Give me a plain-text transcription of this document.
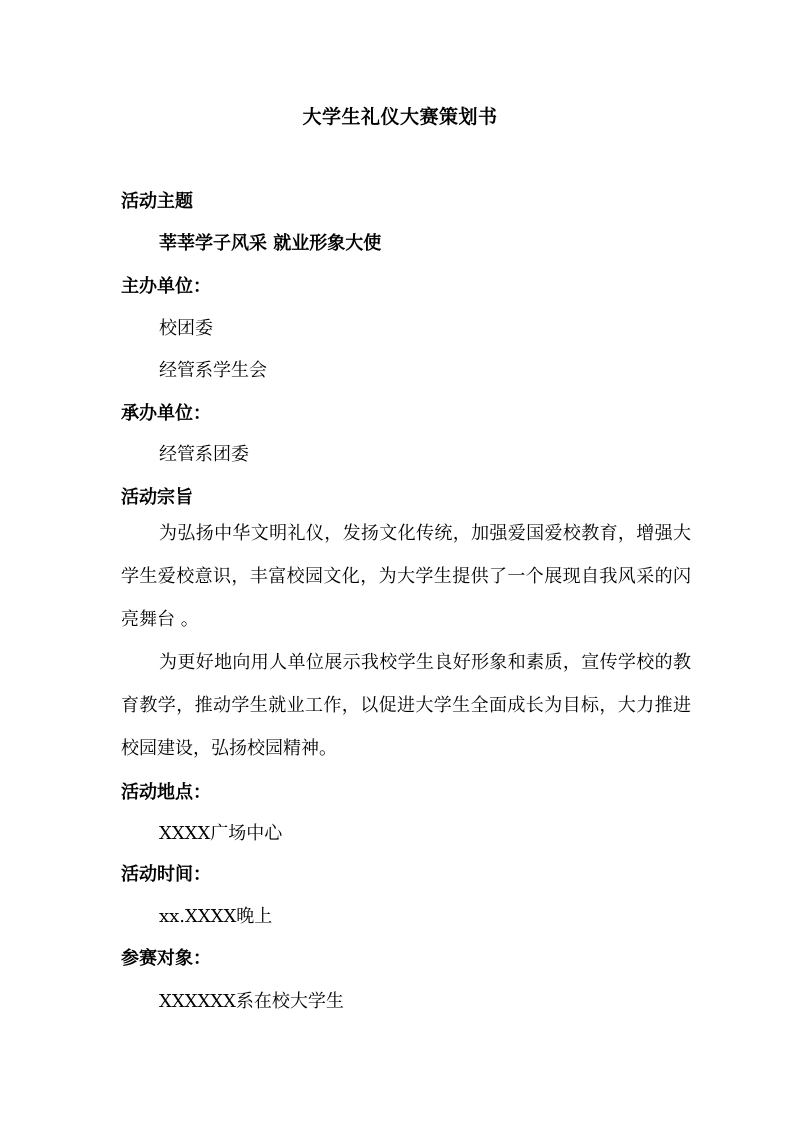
大学生礼仪大赛策划书
活动主题
莘莘学子风采 就业形象大使
主办单位：
校团委
经管系学生会
承办单位：
经管系团委
活动宗旨
为弘扬中华文明礼仪，发扬文化传统，加强爱国爱校教育，增强大学生爱校意识，丰富校园文化，为大学生提供了一个展现自我风采的闪亮舞台 。
为更好地向用人单位展示我校学生良好形象和素质，宣传学校的教育教学，推动学生就业工作，以促进大学生全面成长为目标，大力推进校园建设，弘扬校园精神。
活动地点：
XXXX广场中心
活动时间：
xx.XXXX晚上
参赛对象：
XXXXXX系在校大学生
